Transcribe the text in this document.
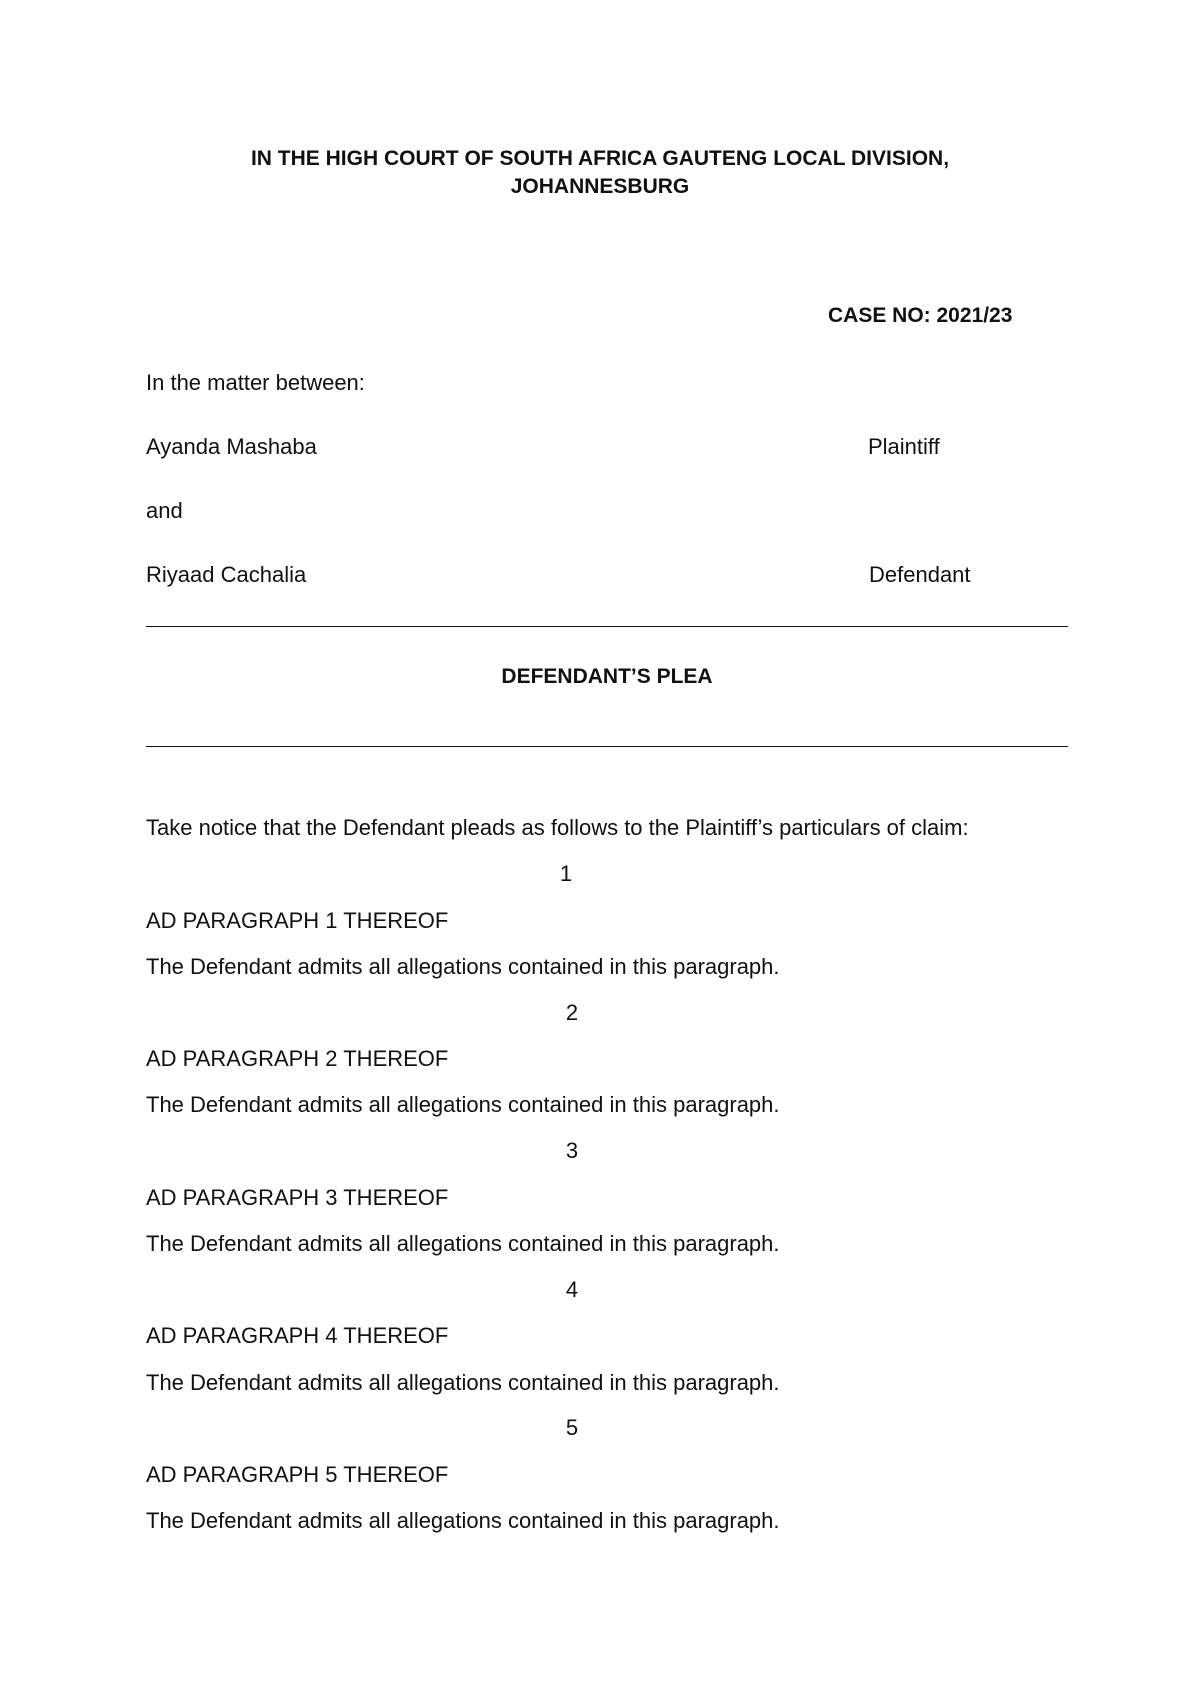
IN THE HIGH COURT OF SOUTH AFRICA GAUTENG LOCAL DIVISION,
JOHANNESBURG
CASE NO: 2021/23
In the matter between:
Ayanda Mashaba	Plaintiff
and
Riyaad Cachalia	Defendant
DEFENDANT’S PLEA
Take notice that the Defendant pleads as follows to the Plaintiff’s particulars of claim:
1
AD PARAGRAPH 1 THEREOF
The Defendant admits all allegations contained in this paragraph.
2
AD PARAGRAPH 2 THEREOF
The Defendant admits all allegations contained in this paragraph.
3
AD PARAGRAPH 3 THEREOF
The Defendant admits all allegations contained in this paragraph.
4
AD PARAGRAPH 4 THEREOF
The Defendant admits all allegations contained in this paragraph.
5
AD PARAGRAPH 5 THEREOF
The Defendant admits all allegations contained in this paragraph.
